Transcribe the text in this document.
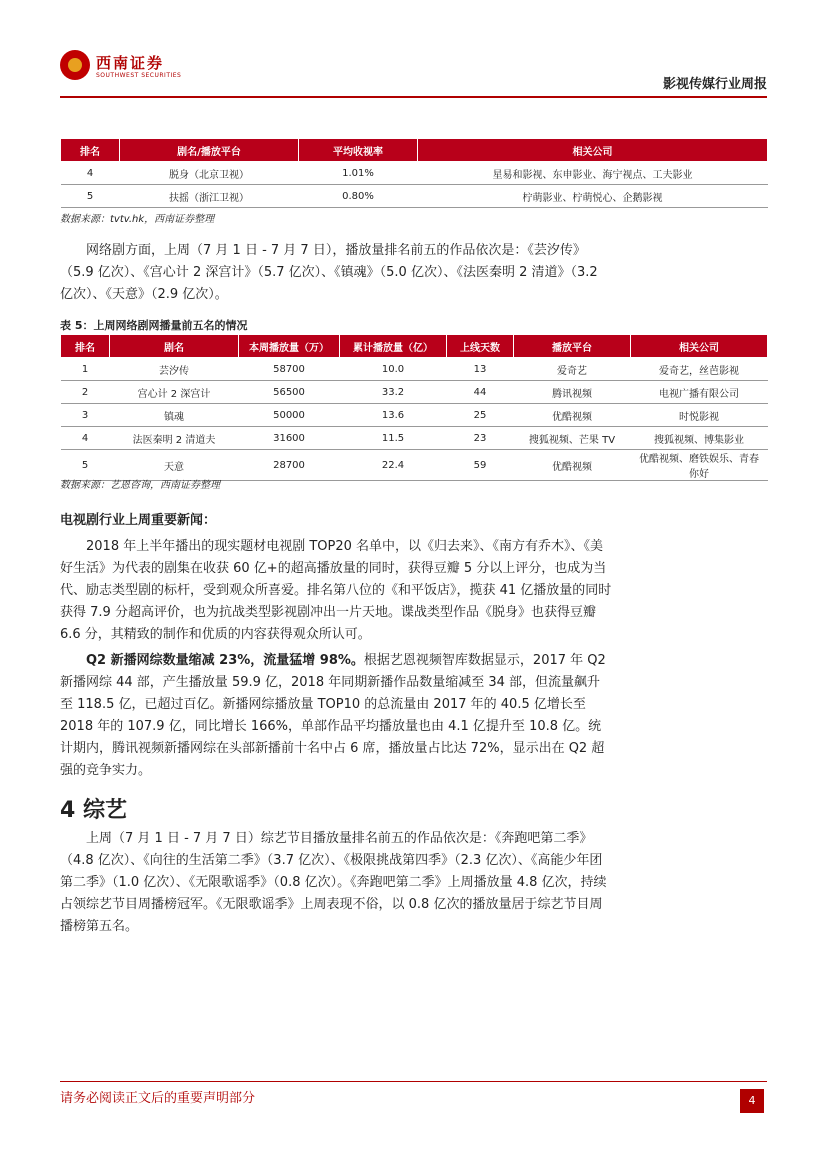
西南证券
SOUTHWEST SECURITIES
影视传媒行业周报
排名	剧名/播放平台	平均收视率	相关公司
4	脱身（北京卫视）	1.01%	星易和影视、东申影业、海宁视点、工夫影业
5	扶摇（浙江卫视）	0.80%	柠萌影业、柠萌悦心、企鹅影视
数据来源：tvtv.hk，西南证券整理
网络剧方面，上周（7 月 1 日 - 7 月 7 日），播放量排名前五的作品依次是：《芸汐传》（5.9 亿次）、《宫心计 2 深宫计》（5.7 亿次）、《镇魂》（5.0 亿次）、《法医秦明 2 清道》（3.2 亿次）、《天意》（2.9 亿次）。
表 5：上周网络剧网播量前五名的情况
排名	剧名	本周播放量（万）	累计播放量（亿）	上线天数	播放平台	相关公司
1	芸汐传	58700	10.0	13	爱奇艺	爱奇艺，丝芭影视
2	宫心计 2 深宫计	56500	33.2	44	腾讯视频	电视广播有限公司
3	镇魂	50000	13.6	25	优酷视频	时悦影视
4	法医秦明 2 清道夫	31600	11.5	23	搜狐视频、芒果 TV	搜狐视频、博集影业
5	天意	28700	22.4	59	优酷视频	优酷视频、磨铁娱乐、青春你好
数据来源：艺恩咨询，西南证券整理
电视剧行业上周重要新闻：
2018 年上半年播出的现实题材电视剧 TOP20 名单中，以《归去来》、《南方有乔木》、《美好生活》为代表的剧集在收获 60 亿+的超高播放量的同时，获得豆瓣 5 分以上评分，也成为当代、励志类型剧的标杆，受到观众所喜爱。排名第八位的《和平饭店》，揽获 41 亿播放量的同时获得 7.9 分超高评价，也为抗战类型影视剧冲出一片天地。谍战类型作品《脱身》也获得豆瓣 6.6 分，其精致的制作和优质的内容获得观众所认可。
Q2 新播网综数量缩减 23%，流量猛增 98%。根据艺恩视频智库数据显示，2017 年 Q2 新播网综 44 部，产生播放量 59.9 亿，2018 年同期新播作品数量缩减至 34 部，但流量飙升至 118.5 亿，已超过百亿。新播网综播放量 TOP10 的总流量由 2017 年的 40.5 亿增长至 2018 年的 107.9 亿，同比增长 166%，单部作品平均播放量也由 4.1 亿提升至 10.8 亿。统计期内，腾讯视频新播网综在头部新播前十名中占 6 席，播放量占比达 72%，显示出在 Q2 超强的竞争实力。
4 综艺
上周（7 月 1 日 - 7 月 7 日）综艺节目播放量排名前五的作品依次是：《奔跑吧第二季》（4.8 亿次）、《向往的生活第二季》（3.7 亿次）、《极限挑战第四季》（2.3 亿次）、《高能少年团第二季》（1.0 亿次）、《无限歌谣季》（0.8 亿次）。《奔跑吧第二季》上周播放量 4.8 亿次，持续占领综艺节目周播榜冠军。《无限歌谣季》上周表现不俗，以 0.8 亿次的播放量居于综艺节目周播榜第五名。
请务必阅读正文后的重要声明部分	4
